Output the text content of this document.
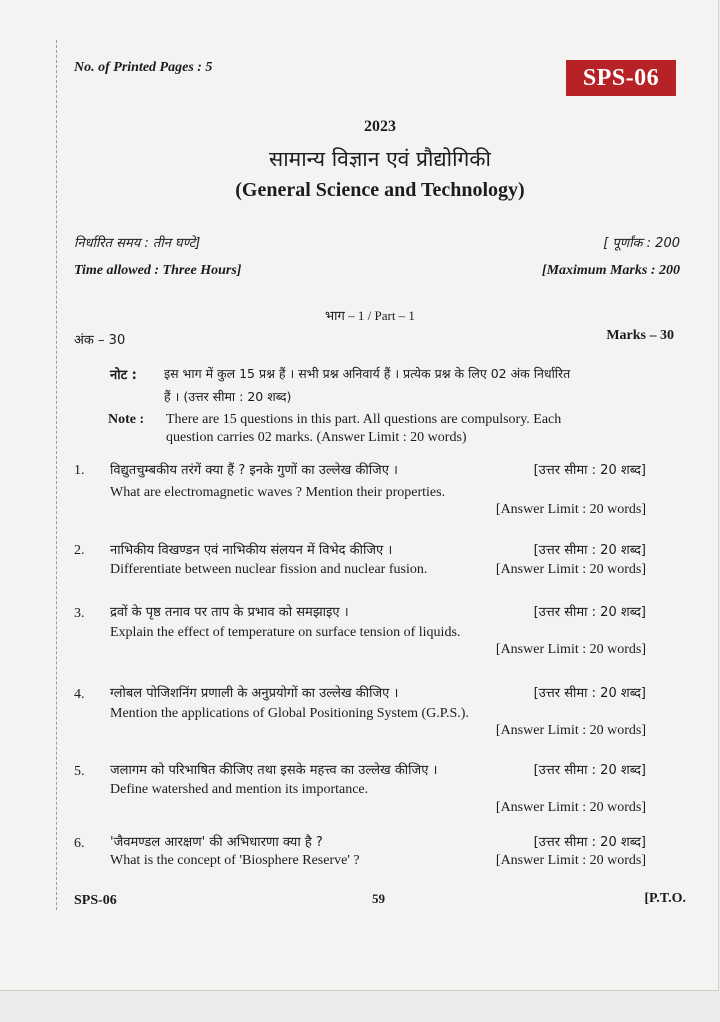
No. of Printed Pages : 5	SPS-06
2023
सामान्य विज्ञान एवं प्रौद्योगिकी
(General Science and Technology)
निर्धारित समय : तीन घण्टे]	[ पूर्णांक : 200
Time allowed : Three Hours]	[Maximum Marks : 200
भाग – 1 / Part – 1
अंक – 30	Marks – 30
नोट : इस भाग में कुल 15 प्रश्न हैं । सभी प्रश्न अनिवार्य हैं । प्रत्येक प्रश्न के लिए 02 अंक निर्धारित
हैं । (उत्तर सीमा : 20 शब्द)
Note : There are 15 questions in this part. All questions are compulsory. Each
question carries 02 marks. (Answer Limit : 20 words)
1. विद्युतचुम्बकीय तरंगें क्या हैं ? इनके गुणों का उल्लेख कीजिए ।	[उत्तर सीमा : 20 शब्द]
What are electromagnetic waves ? Mention their properties.
[Answer Limit : 20 words]
2. नाभिकीय विखण्डन एवं नाभिकीय संलयन में विभेद कीजिए ।	[उत्तर सीमा : 20 शब्द]
Differentiate between nuclear fission and nuclear fusion.	[Answer Limit : 20 words]
3. द्रवों के पृष्ठ तनाव पर ताप के प्रभाव को समझाइए ।	[उत्तर सीमा : 20 शब्द]
Explain the effect of temperature on surface tension of liquids.
[Answer Limit : 20 words]
4. ग्लोबल पोजिशनिंग प्रणाली के अनुप्रयोगों का उल्लेख कीजिए ।	[उत्तर सीमा : 20 शब्द]
Mention the applications of Global Positioning System (G.P.S.).
[Answer Limit : 20 words]
5. जलागम को परिभाषित कीजिए तथा इसके महत्त्व का उल्लेख कीजिए ।	[उत्तर सीमा : 20 शब्द]
Define watershed and mention its importance.
[Answer Limit : 20 words]
6. 'जैवमण्डल आरक्षण' की अभिधारणा क्या है ?	[उत्तर सीमा : 20 शब्द]
What is the concept of 'Biosphere Reserve' ?	[Answer Limit : 20 words]
SPS-06	59	[P.T.O.
